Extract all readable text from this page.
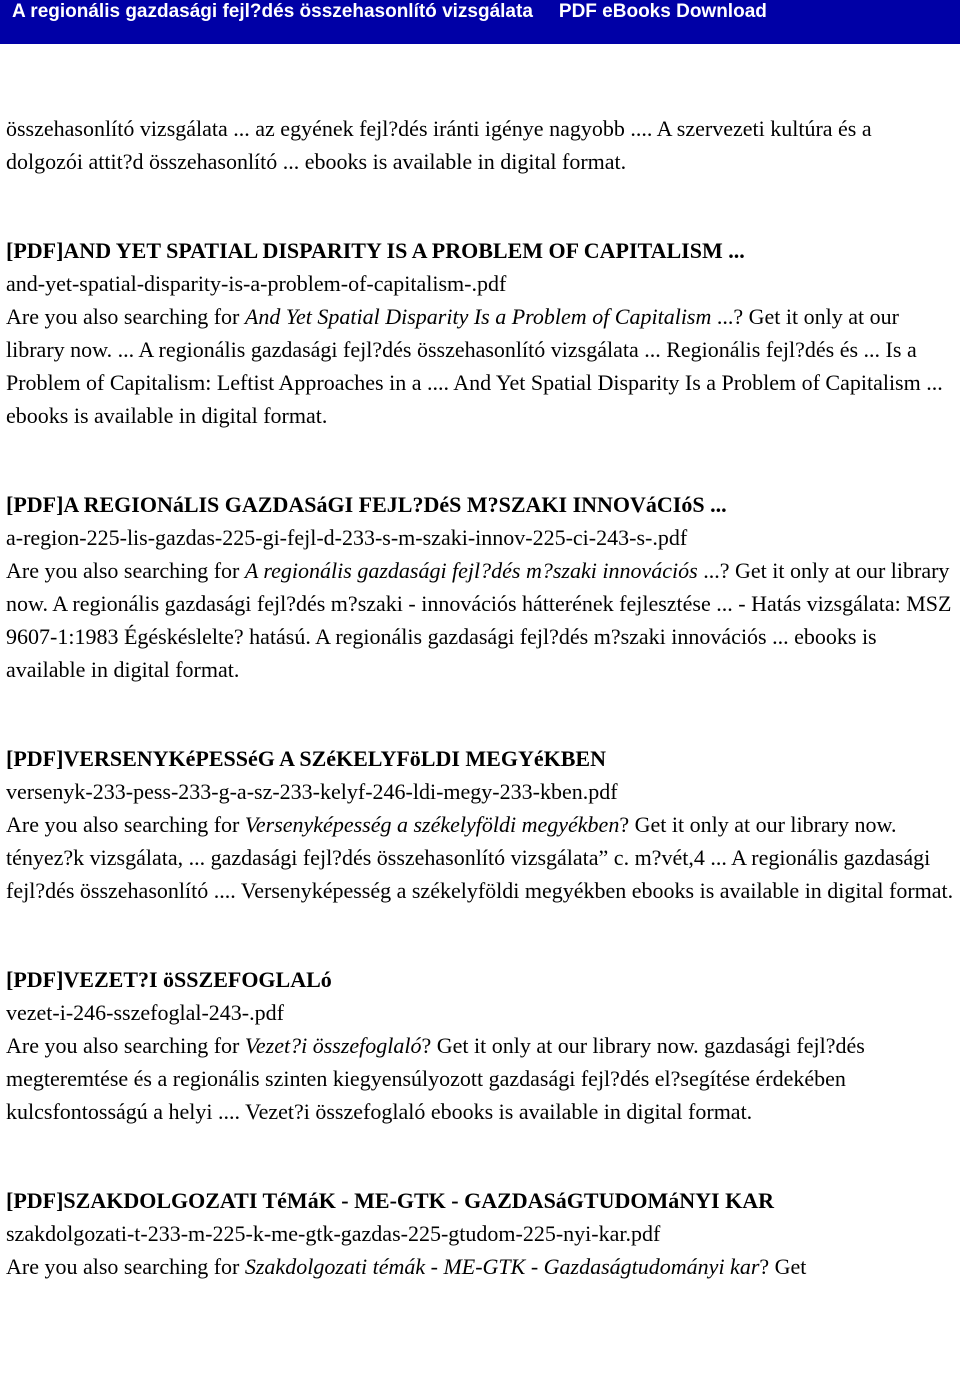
A regionális gazdasági fejl?dés összehasonlító vizsgálata PDF eBooks Download

összehasonlító vizsgálata ... az egyének fejl?dés iránti igénye nagyobb .... A szervezeti kultúra és a dolgozói attit?d összehasonlító ... ebooks is available in digital format.

[PDF]AND YET SPATIAL DISPARITY IS A PROBLEM OF CAPITALISM ...

and-yet-spatial-disparity-is-a-problem-of-capitalism-.pdf

Are you also searching for And Yet Spatial Disparity Is a Problem of Capitalism ...? Get it only at our library now. ... A regionális gazdasági fejl?dés összehasonlító vizsgálata ... Regionális fejl?dés és ... Is a Problem of Capitalism: Leftist Approaches in a .... And Yet Spatial Disparity Is a Problem of Capitalism ... ebooks is available in digital format.

[PDF]A REGIONáLIS GAZDASáGI FEJL?DéS M?SZAKI INNOVáCIóS ...

a-region-225-lis-gazdas-225-gi-fejl-d-233-s-m-szaki-innov-225-ci-243-s-.pdf

Are you also searching for A regionális gazdasági fejl?dés m?szaki innovációs ...? Get it only at our library now. A regionális gazdasági fejl?dés m?szaki - innovációs hátterének fejlesztése ... - Hatás vizsgálata: MSZ 9607-1:1983 Égéskéslelte? hatású. A regionális gazdasági fejl?dés m?szaki innovációs ... ebooks is available in digital format.

[PDF]VERSENYKéPESSéG A SZéKELYFöLDI MEGYéKBEN

versenyk-233-pess-233-g-a-sz-233-kelyf-246-ldi-megy-233-kben.pdf

Are you also searching for Versenyképesség a székelyföldi megyékben? Get it only at our library now. tényez?k vizsgálata, ... gazdasági fejl?dés összehasonlító vizsgálata” c. m?vét,4 ... A regionális gazdasági fejl?dés összehasonlító .... Versenyképesség a székelyföldi megyékben ebooks is available in digital format.

[PDF]VEZET?I öSSZEFOGLALó

vezet-i-246-sszefoglal-243-.pdf

Are you also searching for Vezet?i összefoglaló? Get it only at our library now. gazdasági fejl?dés megteremtése és a regionális szinten kiegyensúlyozott gazdasági fejl?dés el?segítése érdekében kulcsfontosságú a helyi .... Vezet?i összefoglaló ebooks is available in digital format.

[PDF]SZAKDOLGOZATI TéMáK - ME-GTK - GAZDASáGTUDOMáNYI KAR

szakdolgozati-t-233-m-225-k-me-gtk-gazdas-225-gtudom-225-nyi-kar.pdf

Are you also searching for Szakdolgozati témák - ME-GTK - Gazdaságtudományi kar? Get
